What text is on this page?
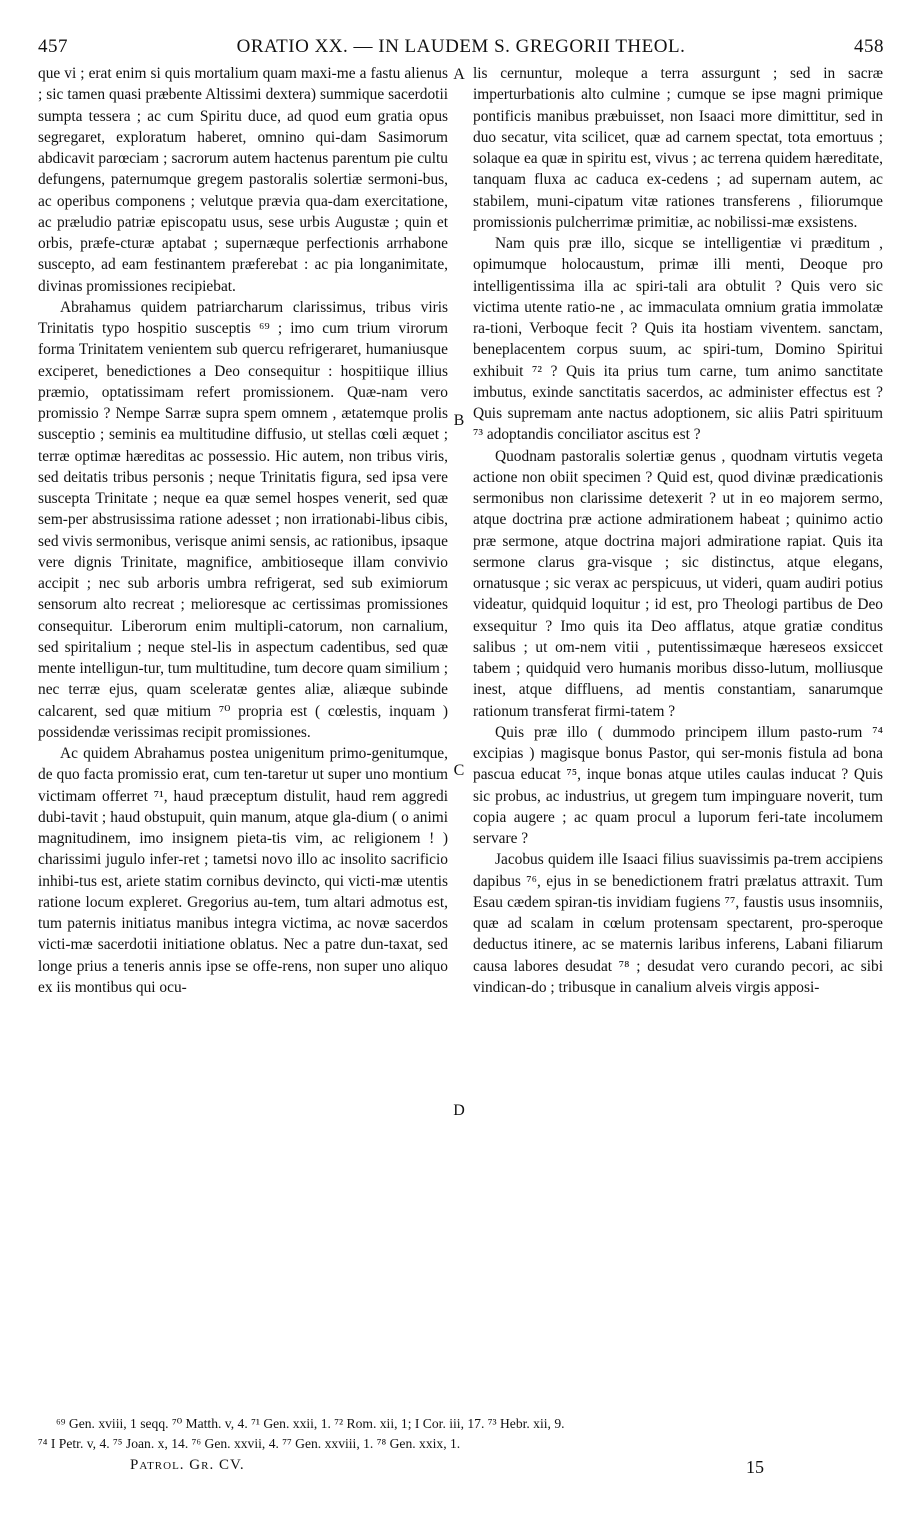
457	ORATIO XX. — IN LAUDEM S. GREGORII THEOL.	458

que vi ; erat enim si quis mortalium quam maxi-me a fastu alienus ; sic tamen quasi præbente Altissimi dextera) summique sacerdotii sumpta tessera ; ac cum Spiritu duce, ad quod eum gratia opus segregaret, exploratum haberet, omnino qui-dam Sasimorum abdicavit parœciam ; sacrorum autem hactenus parentum pie cultu defungens, paternumque gregem pastoralis solertiæ sermoni-bus, ac operibus componens ; velutque prævia qua-dam exercitatione, ac præludio patriæ episcopatu usus, sese urbis Augustæ ; quin et orbis, præfe-cturæ aptabat ; supernæque perfectionis arrhabone suscepto, ad eam festinantem præferebat : ac pia longanimitate, divinas promissiones recipiebat.

Abrahamus quidem patriarcharum clarissimus, tribus viris Trinitatis typo hospitio susceptis ⁶⁹ ; imo cum trium virorum forma Trinitatem venientem sub quercu refrigeraret, humaniusque exciperet, benedictiones a Deo consequitur : hospitiique illius præmio, optatissimam refert promissionem. Quæ-nam vero promissio ? Nempe Sarræ supra spem omnem , ætatemque prolis susceptio ; seminis ea multitudine diffusio, ut stellas cœli æquet ; terræ optimæ hæreditas ac possessio. Hic autem, non tribus viris, sed deitatis tribus personis ; neque Trinitatis figura, sed ipsa vere suscepta Trinitate ; neque ea quæ semel hospes venerit, sed quæ sem-per abstrusissima ratione adesset ; non irrationabi-libus cibis, sed vivis sermonibus, verisque animi sensis, ac rationibus, ipsaque vere dignis Trinitate, magnifice, ambitioseque illam convivio accipit ; nec sub arboris umbra refrigerat, sed sub eximiorum sensorum alto recreat ; melioresque ac certissimas promissiones consequitur. Liberorum enim multipli-catorum, non carnalium, sed spiritalium ; neque stel-lis in aspectum cadentibus, sed quæ mente intelligun-tur, tum multitudine, tum decore quam similium ; nec terræ ejus, quam sceleratæ gentes aliæ, aliæque subinde calcarent, sed quæ mitium ⁷⁰ propria est ( cœlestis, inquam ) possidendæ verissimas recipit promissiones.

Ac quidem Abrahamus postea unigenitum primo-genitumque, de quo facta promissio erat, cum ten-taretur ut super uno montium victimam offerret ⁷¹, haud præceptum distulit, haud rem aggredi dubi-tavit ; haud obstupuit, quin manum, atque gla-dium ( o animi magnitudinem, imo insignem pieta-tis vim, ac religionem ! ) charissimi jugulo infer-ret ; tametsi novo illo ac insolito sacrificio inhibi-tus est, ariete statim cornibus devincto, qui victi-mæ utentis ratione locum expleret. Gregorius au-tem, tum altari admotus est, tum paternis initiatus manibus integra victima, ac novæ sacerdos victi-mæ sacerdotii initiatione oblatus. Nec a patre dun-taxat, sed longe prius a teneris annis ipse se offe-rens, non super uno aliquo ex iis montibus qui ocu-

lis cernuntur, moleque a terra assurgunt ; sed in sacræ imperturbationis alto culmine ; cumque se ipse magni primique pontificis manibus præbuisset, non Isaaci more dimittitur, sed in duo secatur, vita scilicet, quæ ad carnem spectat, tota emortuus ; solaque ea quæ in spiritu est, vivus ; ac terrena quidem hæreditate, tanquam fluxa ac caduca ex-cedens ; ad supernam autem, ac stabilem, muni-cipatum vitæ rationes transferens , filiorumque promissionis pulcherrimæ primitiæ, ac nobilissi-mæ exsistens.

Nam quis præ illo, sicque se intelligentiæ vi præditum , opimumque holocaustum, primæ illi menti, Deoque pro intelligentissima illa ac spiri-tali ara obtulit ? Quis vero sic victima utente ratio-ne , ac immaculata omnium gratia immolatæ ra-tioni, Verboque fecit ? Quis ita hostiam viventem. sanctam, beneplacentem corpus suum, ac spiri-tum, Domino Spiritui exhibuit ⁷² ? Quis ita prius tum carne, tum animo sanctitate imbutus, exinde sanctitatis sacerdos, ac administer effectus est ? Quis supremam ante nactus adoptionem, sic aliis Patri spirituum ⁷³ adoptandis conciliator ascitus est ?

Quodnam pastoralis solertiæ genus , quodnam virtutis vegeta actione non obiit specimen ? Quid est, quod divinæ prædicationis sermonibus non clarissime detexerit ? ut in eo majorem sermo, atque doctrina præ actione admirationem habeat ; quinimo actio præ sermone, atque doctrina majori admiratione rapiat. Quis ita sermone clarus gra-visque ; sic distinctus, atque elegans, ornatusque ; sic verax ac perspicuus, ut videri, quam audiri potius videatur, quidquid loquitur ; id est, pro Theologi partibus de Deo exsequitur ? Imo quis ita Deo afflatus, atque gratiæ conditus salibus ; ut om-nem vitii , putentissimæque hæreseos exsiccet tabem ; quidquid vero humanis moribus disso-lutum, molliusque inest, atque diffluens, ad mentis constantiam, sanarumque rationum transferat firmi-tatem ?

Quis præ illo ( dummodo principem illum pasto-rum ⁷⁴ excipias ) magisque bonus Pastor, qui ser-monis fistula ad bona pascua educat ⁷⁵, inque bonas atque utiles caulas inducat ? Quis sic probus, ac industrius, ut gregem tum impinguare noverit, tum copia augere ; ac quam procul a luporum feri-tate incolumem servare ?

Jacobus quidem ille Isaaci filius suavissimis pa-trem accipiens dapibus ⁷⁶, ejus in se benedictionem fratri prælatus attraxit. Tum Esau cædem spiran-tis invidiam fugiens ⁷⁷, faustis usus insomniis, quæ ad scalam in cœlum protensam spectarent, pro-speroque deductus itinere, ac se maternis laribus inferens, Labani filiarum causa labores desudat ⁷⁸ ; desudat vero curando pecori, ac sibi vindican-do ; tribusque in canalium alveis virgis apposi-

A
B
C
D
⁶⁹ Gen. xviii, 1 seqq. ⁷⁰ Matth. v, 4. ⁷¹ Gen. xxii, 1. ⁷² Rom. xii, 1; I Cor. iii, 17. ⁷³ Hebr. xii, 9.
⁷⁴ I Petr. v, 4. ⁷⁵ Joan. x, 14. ⁷⁶ Gen. xxvii, 4. ⁷⁷ Gen. xxviii, 1. ⁷⁸ Gen. xxix, 1.
Patrol. Gr. CV.	15
